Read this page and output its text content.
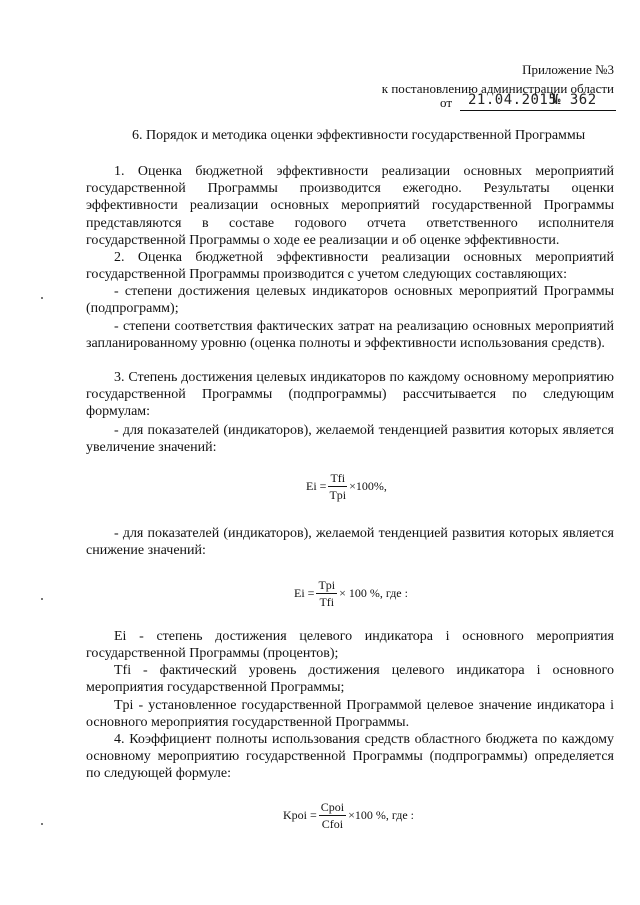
Приложение №3
к постановлению администрации области
от 21.04.2015
№ 362
6. Порядок и методика оценки эффективности государственной Программы

1. Оценка бюджетной эффективности реализации основных мероприятий государственной Программы производится ежегодно. Результаты оценки эффективности реализации основных мероприятий государственной Программы представляются в составе годового отчета ответственного исполнителя государственной Программы о ходе ее реализации и об оценке эффективности.

2. Оценка бюджетной эффективности реализации основных мероприятий государственной Программы производится с учетом следующих составляющих:

- степени достижения целевых индикаторов основных мероприятий Программы (подпрограмм);

- степени соответствия фактических затрат на реализацию основных мероприятий запланированному уровню (оценка полноты и эффективности использования средств).

3. Степень достижения целевых индикаторов по каждому основному мероприятию государственной Программы (подпрограммы) рассчитывается по следующим формулам:

- для показателей (индикаторов), желаемой тенденцией развития которых является увеличение значений:

$Ei = \frac{\text{Tfi}}{\text{Tpi}} \times 100\%$,

- для показателей (индикаторов), желаемой тенденцией развития которых является снижение значений:

$Ei = \frac{\text{Tpi}}{\text{Tfi}} \times 100$ %, где :

Ei - степень достижения целевого индикатора i основного мероприятия государственной Программы (процентов);

Tfi - фактический уровень достижения целевого индикатора i основного мероприятия государственной Программы;

Tpi - установленное государственной Программой целевое значение индикатора i основного мероприятия государственной Программы.

4. Коэффициент полноты использования средств областного бюджета по каждому основному мероприятию государственной Программы (подпрограммы) определяется по следующей формуле:

Kpoi = $\frac{\text{Cpoi}}{\text{Cfoi}} \times 100$ %, где :
